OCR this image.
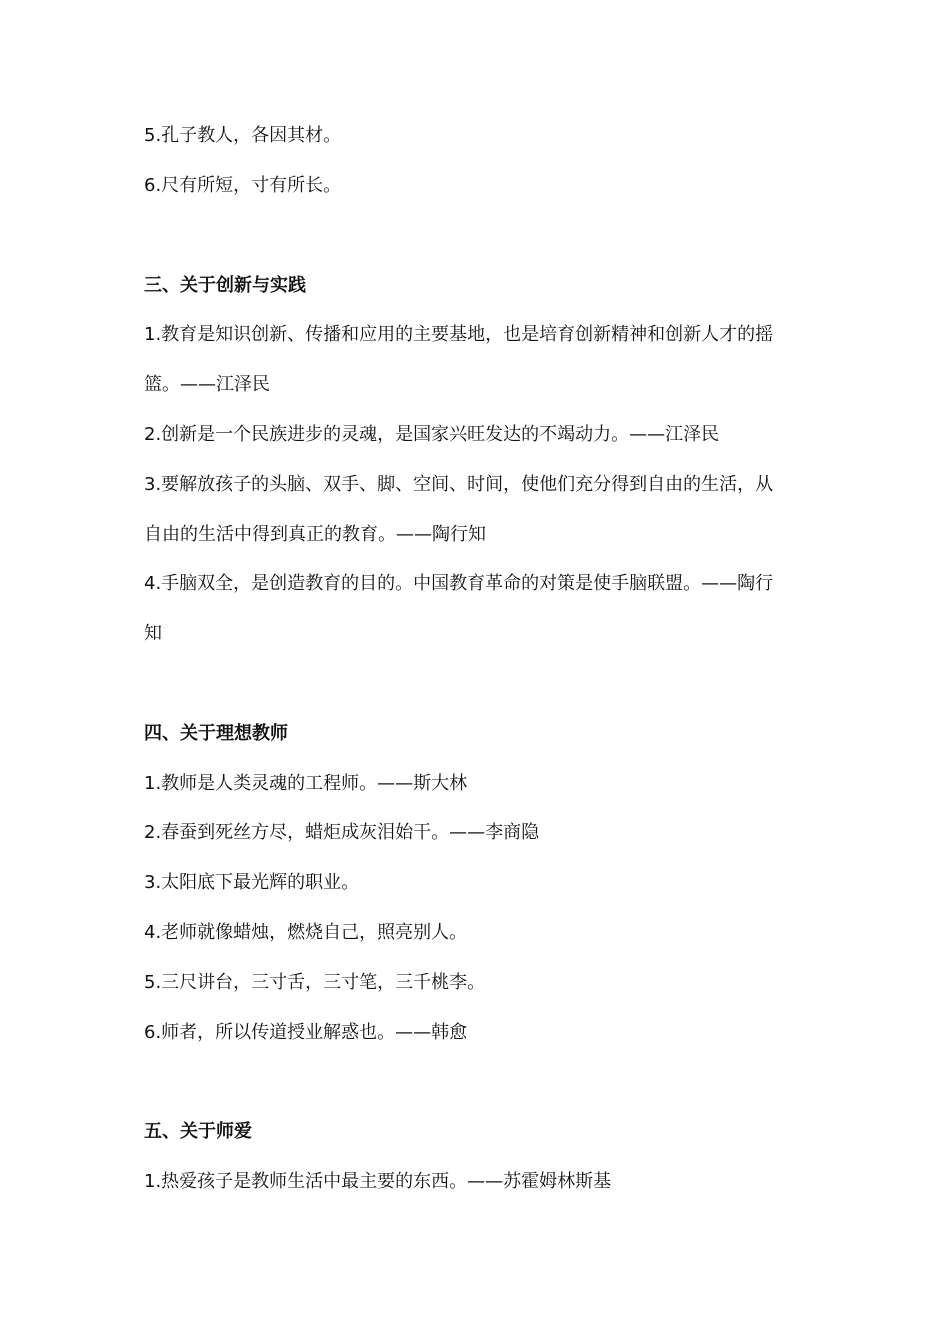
5.孔子教人，各因其材。
6.尺有所短，寸有所长。
三、关于创新与实践
1.教育是知识创新、传播和应用的主要基地，也是培育创新精神和创新人才的摇
篮。——江泽民
2.创新是一个民族进步的灵魂，是国家兴旺发达的不竭动力。——江泽民
3.要解放孩子的头脑、双手、脚、空间、时间，使他们充分得到自由的生活，从
自由的生活中得到真正的教育。——陶行知
4.手脑双全，是创造教育的目的。中国教育革命的对策是使手脑联盟。——陶行
知
四、关于理想教师
1.教师是人类灵魂的工程师。——斯大林
2.春蚕到死丝方尽，蜡炬成灰泪始干。——李商隐
3.太阳底下最光辉的职业。
4.老师就像蜡烛，燃烧自己，照亮别人。
5.三尺讲台，三寸舌，三寸笔，三千桃李。
6.师者，所以传道授业解惑也。——韩愈
五、关于师爱
1.热爱孩子是教师生活中最主要的东西。——苏霍姆林斯基
